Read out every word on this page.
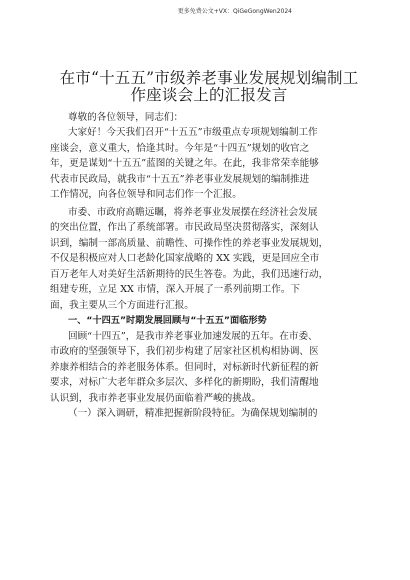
更多免费公文+VX：QiGeGongWen2024
在市“十五五”市级养老事业发展规划编制工
作座谈会上的汇报发言
尊敬的各位领导，同志们：

大家好！今天我们召开“十五五”市级重点专项规划编制工作
座谈会，意义重大，恰逢其时。今年是“十四五”规划的收官之
年，更是谋划“十五五”蓝图的关键之年。在此，我非常荣幸能够
代表市民政局，就我市“十五五”养老事业发展规划的编制推进
工作情况，向各位领导和同志们作一个汇报。

市委、市政府高瞻远瞩，将养老事业发展摆在经济社会发展
的突出位置，作出了系统部署。市民政局坚决贯彻落实，深刻认
识到，编制一部高质量、前瞻性、可操作性的养老事业发展规划，
不仅是积极应对人口老龄化国家战略的 XX 实践，更是回应全市
百万老年人对美好生活新期待的民生答卷。为此，我们迅速行动，
组建专班，立足 XX 市情，深入开展了一系列前期工作。下
面，我主要从三个方面进行汇报。

一、“十四五”时期发展回顾与“十五五”面临形势

回顾“十四五”，是我市养老事业加速发展的五年。在市委、
市政府的坚强领导下，我们初步构建了居家社区机构相协调、医
养康养相结合的养老服务体系。但同时，对标新时代新征程的新
要求，对标广大老年群众多层次、多样化的新期盼，我们清醒地
认识到，我市养老事业发展仍面临着严峻的挑战。

（一）深入调研，精准把握新阶段特征。为确保规划编制的
